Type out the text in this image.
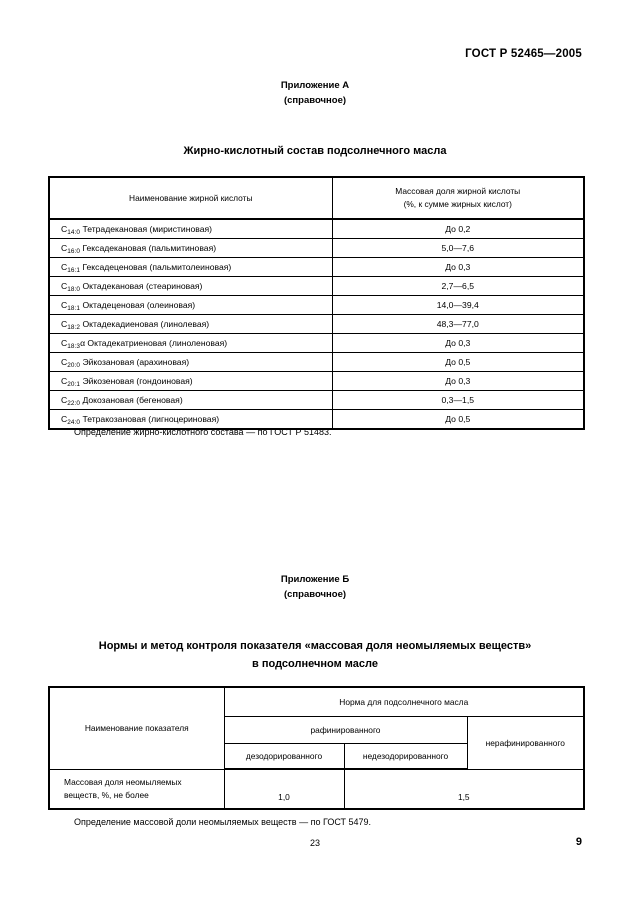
ГОСТ Р 52465—2005
Приложение А
(справочное)
Жирно-кислотный состав подсолнечного масла
Наименование жирной кислоты	Массовая доля жирной кислоты
(%, к сумме жирных кислот)

$C_{14:0}$ Тетрадекановая (миристиновая)	До 0,2
$C_{16:0}$ Гексадекановая (пальмитиновая)	5,0—7,6
$C_{16:1}$ Гексадеценовая (пальмитолеиновая)	До 0,3
$C_{18:0}$ Октадекановая (стеариновая)	2,7—6,5
$C_{18:1}$ Октадеценовая (олеиновая)	14,0—39,4
$C_{18:2}$ Октадекадиеновая (линолевая)	48,3—77,0
$C_{18:3}\alpha$ Октадекатриеновая (линоленовая)	До 0,3
$C_{20:0}$ Эйкозановая (арахиновая)	До 0,5
$C_{20:1}$ Эйкозеновая (гондоиновая)	До 0,3
$C_{22:0}$ Докозановая (бегеновая)	0,3—1,5
$C_{24:0}$ Тетракозановая (лигноцериновая)	До 0,5
Определение жирно-кислотного состава — по ГОСТ Р 51483.
Приложение Б
(справочное)
Нормы и метод контроля показателя «массовая доля неомыляемых веществ»
в подсолнечном масле
Наименование показателя	Норма для подсолнечного масла		
	рафинированного		нерафинированного
	дезодорированного	недезодорированного	

Массовая доля неомыляемых
веществ, %, не более	1,0	1,5	
Определение массовой доли неомыляемых веществ — по ГОСТ 5479.
23	9
